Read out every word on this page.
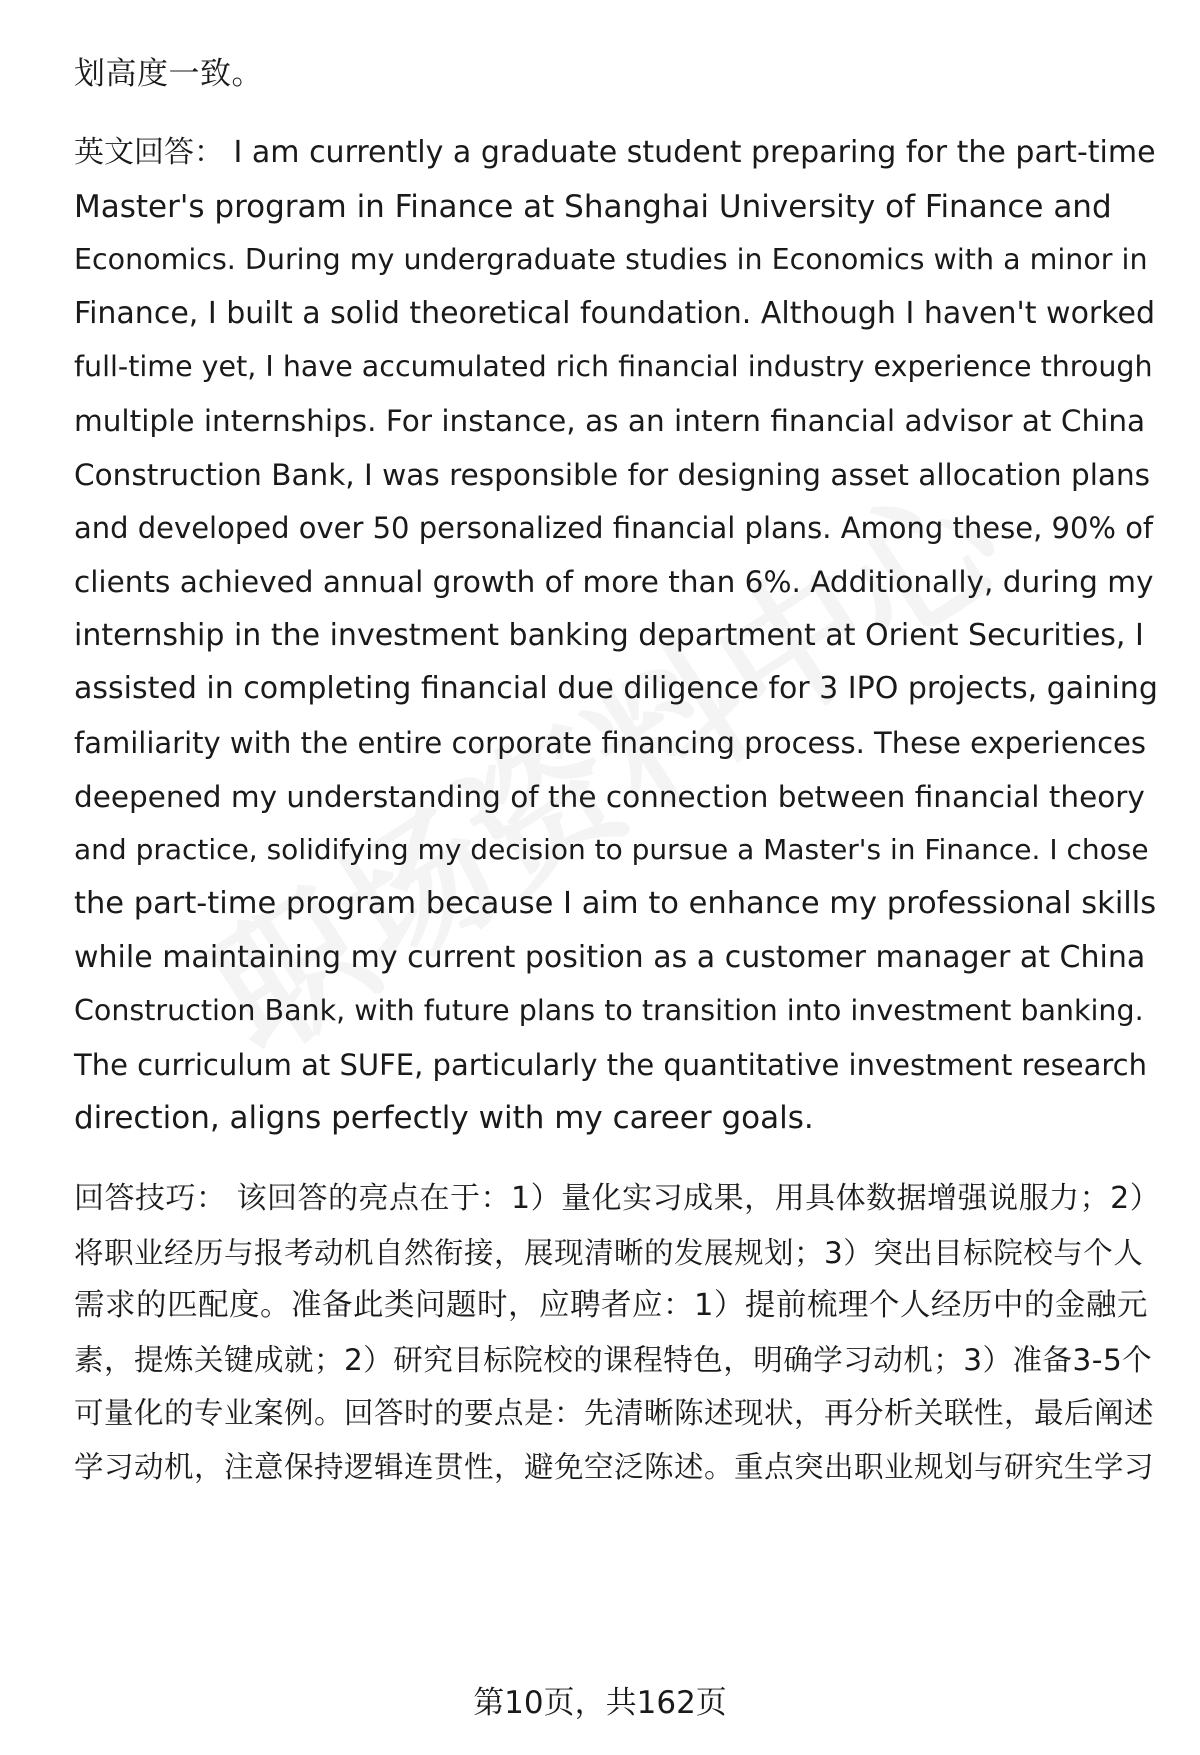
划高度一致。
英文回答： I am currently a graduate student preparing for the part-time
Master's program in Finance at Shanghai University of Finance and
Economics. During my undergraduate studies in Economics with a minor in
Finance, I built a solid theoretical foundation. Although I haven't worked
full-time yet, I have accumulated rich financial industry experience through
multiple internships. For instance, as an intern financial advisor at China
Construction Bank, I was responsible for designing asset allocation plans
and developed over 50 personalized financial plans. Among these, 90% of
clients achieved annual growth of more than 6%. Additionally, during my
internship in the investment banking department at Orient Securities, I
assisted in completing financial due diligence for 3 IPO projects, gaining
familiarity with the entire corporate financing process. These experiences
deepened my understanding of the connection between financial theory
and practice, solidifying my decision to pursue a Master's in Finance. I chose
the part-time program because I aim to enhance my professional skills
while maintaining my current position as a customer manager at China
Construction Bank, with future plans to transition into investment banking.
The curriculum at SUFE, particularly the quantitative investment research
direction, aligns perfectly with my career goals.
回答技巧： 该回答的亮点在于：1）量化实习成果，用具体数据增强说服力；2）
将职业经历与报考动机自然衔接，展现清晰的发展规划；3）突出目标院校与个人
需求的匹配度。准备此类问题时，应聘者应：1）提前梳理个人经历中的金融元
素，提炼关键成就；2）研究目标院校的课程特色，明确学习动机；3）准备3-5个
可量化的专业案例。回答时的要点是：先清晰陈述现状，再分析关联性，最后阐述
学习动机，注意保持逻辑连贯性，避免空泛陈述。重点突出职业规划与研究生学习
第10页，共162页
